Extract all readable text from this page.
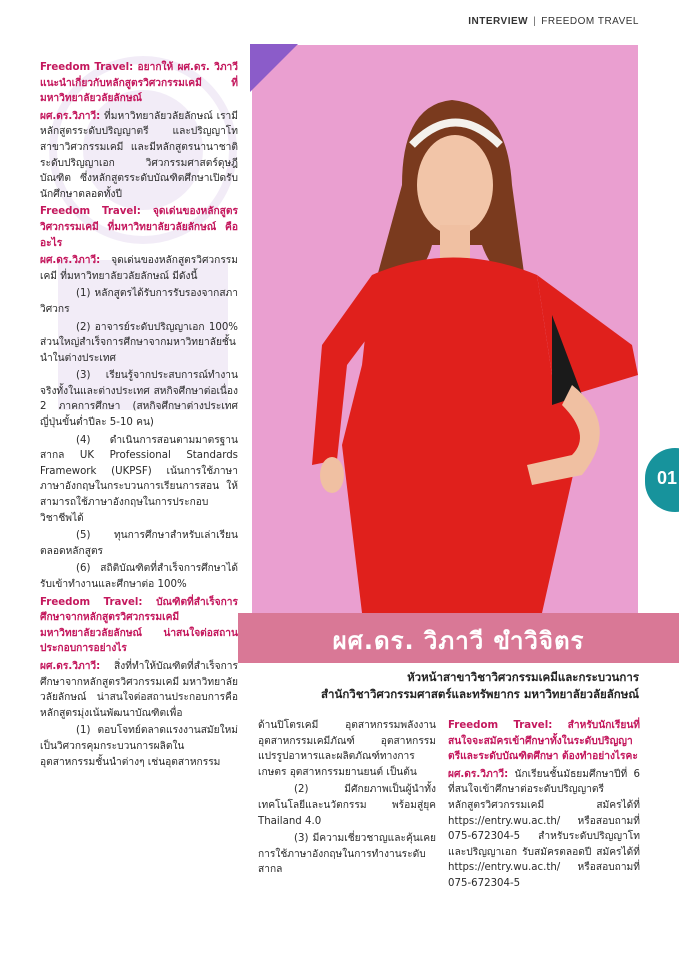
INTERVIEW | FREEDOM TRAVEL

Freedom Travel: อยากให้ ผศ.ดร. วิภาวี แนะนำเกี่ยวกับหลักสูตรวิศวกรรมเคมี ที่มหาวิทยาลัยวลัยลักษณ์

ผศ.ดร.วิภาวี: ที่มหาวิทยาลัยวลัยลักษณ์ เรามีหลักสูตรระดับปริญญาตรี และปริญญาโท สาขาวิศวกรรมเคมี และมีหลักสูตรนานาชาติระดับปริญญาเอก วิศวกรรมศาสตร์ดุษฎีบัณฑิต ซึ่งหลักสูตรระดับบัณฑิตศึกษาเปิดรับนักศึกษาตลอดทั้งปี

Freedom Travel: จุดเด่นของหลักสูตรวิศวกรรมเคมี ที่มหาวิทยาลัยวลัยลักษณ์ คืออะไร

ผศ.ดร.วิภาวี: จุดเด่นของหลักสูตรวิศวกรรมเคมี ที่มหาวิทยาลัยวลัยลักษณ์ มีดังนี้

(1) หลักสูตรได้รับการรับรองจากสภาวิศวกร

(2) อาจารย์ระดับปริญญาเอก 100% ส่วนใหญ่สำเร็จการศึกษาจากมหาวิทยาลัยชั้นนำในต่างประเทศ

(3) เรียนรู้จากประสบการณ์ทำงานจริงทั้งในและต่างประเทศ สหกิจศึกษาต่อเนื่อง 2 ภาคการศึกษา (สหกิจศึกษาต่างประเทศญี่ปุ่นขั้นต่ำปีละ 5-10 คน)

(4) ดำเนินการสอนตามมาตรฐานสากล UK Professional Standards Framework (UKPSF) เน้นการใช้ภาษาภาษาอังกฤษในกระบวนการเรียนการสอน ให้สามารถใช้ภาษาอังกฤษในการประกอบวิชาชีพได้

(5) ทุนการศึกษาสำหรับเล่าเรียนตลอดหลักสูตร

(6) สถิติบัณฑิตที่สำเร็จการศึกษาได้รับเข้าทำงานและศึกษาต่อ 100%

Freedom Travel: บัณฑิตที่สำเร็จการศึกษาจากหลักสูตรวิศวกรรมเคมี มหาวิทยาลัยวลัยลักษณ์ น่าสนใจต่อสถานประกอบการอย่างไร

ผศ.ดร.วิภาวี: สิ่งที่ทำให้บัณฑิตที่สำเร็จการศึกษาจากหลักสูตรวิศวกรรมเคมี มหาวิทยาลัยวลัยลักษณ์ น่าสนใจต่อสถานประกอบการคือ หลักสูตรมุ่งเน้นพัฒนาบัณฑิตเพื่อ

(1) ตอบโจทย์ตลาดแรงงานสมัยใหม่ เป็นวิศวกรคุมกระบวนการผลิตในอุตสาหกรรมชั้นนำต่างๆ เช่นอุตสาหกรรม

01
ผศ.ดร. วิภาวี ขำวิจิตร
หัวหน้าสาขาวิชาวิศวกรรมเคมีและกระบวนการ
สำนักวิชาวิศวกรรมศาสตร์และทรัพยากร มหาวิทยาลัยวลัยลักษณ์

ด้านปิโตรเคมี อุตสาหกรรมพลังงาน อุตสาหกรรมเคมีภัณฑ์ อุตสาหกรรมแปรรูปอาหารและผลิตภัณฑ์ทางการเกษตร อุตสาหกรรมยานยนต์ เป็นต้น

(2) มีศักยภาพเป็นผู้นำทั้งเทคโนโลยีและนวัตกรรม พร้อมสู่ยุค Thailand 4.0

(3) มีความเชี่ยวชาญและคุ้นเคยการใช้ภาษาอังกฤษในการทำงานระดับสากล

Freedom Travel: สำหรับนักเรียนที่สนใจจะสมัครเข้าศึกษาทั้งในระดับปริญญาตรีและระดับบัณฑิตศึกษา ต้องทำอย่างไรคะ

ผศ.ดร.วิภาวี: นักเรียนชั้นมัธยมศึกษาปีที่ 6 ที่สนใจเข้าศึกษาต่อระดับปริญญาตรี หลักสูตรวิศวกรรมเคมี สมัครได้ที่ https://entry.wu.ac.th/ หรือสอบถามที่ 075-672304-5 สำหรับระดับปริญญาโทและปริญญาเอก รับสมัครตลอดปี สมัครได้ที่ https://entry.wu.ac.th/ หรือสอบถามที่ 075-672304-5
